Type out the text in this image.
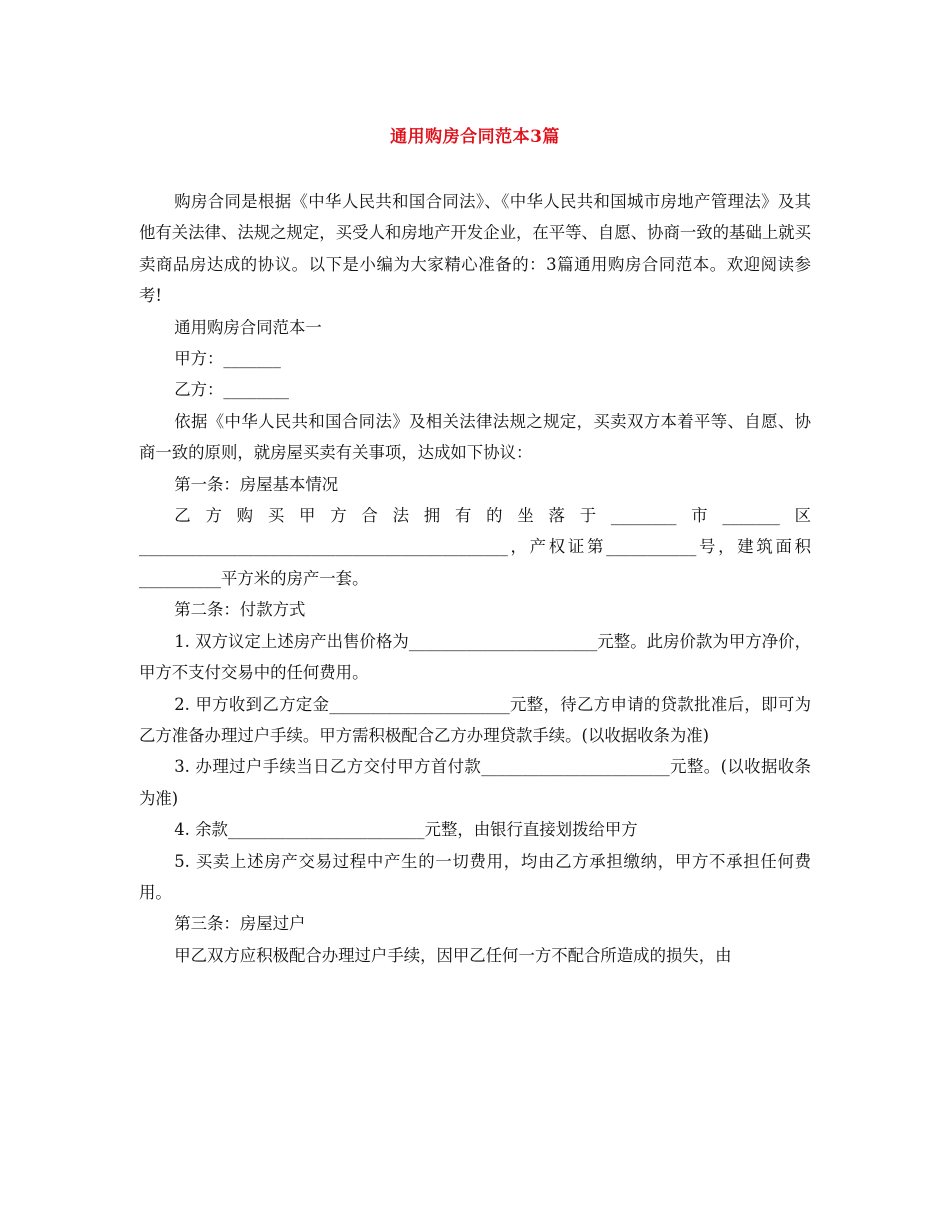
通用购房合同范本3篇

购房合同是根据《中华人民共和国合同法》、《中华人民共和国城市房地产管理法》及其他有关法律、法规之规定，买受人和房地产开发企业，在平等、自愿、协商一致的基础上就买卖商品房达成的协议。以下是小编为大家精心准备的：3篇通用购房合同范本。欢迎阅读参考!

通用购房合同范本一

甲方：_______

乙方：________

依据《中华人民共和国合同法》及相关法律法规之规定，买卖双方本着平等、自愿、协商一致的原则，就房屋买卖有关事项，达成如下协议：

第一条：房屋基本情况

乙方购买甲方合法拥有的坐落于________市_______区_____________________________________________，产权证第___________号，建筑面积__________平方米的房产一套。

第二条：付款方式

1. 双方议定上述房产出售价格为_______________________元整。此房价款为甲方净价，甲方不支付交易中的任何费用。

2. 甲方收到乙方定金______________________元整，待乙方申请的贷款批准后，即可为乙方准备办理过户手续。甲方需积极配合乙方办理贷款手续。(以收据收条为准)

3. 办理过户手续当日乙方交付甲方首付款_______________________元整。(以收据收条为准)

4. 余款________________________元整，由银行直接划拨给甲方

5. 买卖上述房产交易过程中产生的一切费用，均由乙方承担缴纳，甲方不承担任何费用。

第三条：房屋过户

甲乙双方应积极配合办理过户手续，因甲乙任何一方不配合所造成的损失，由
